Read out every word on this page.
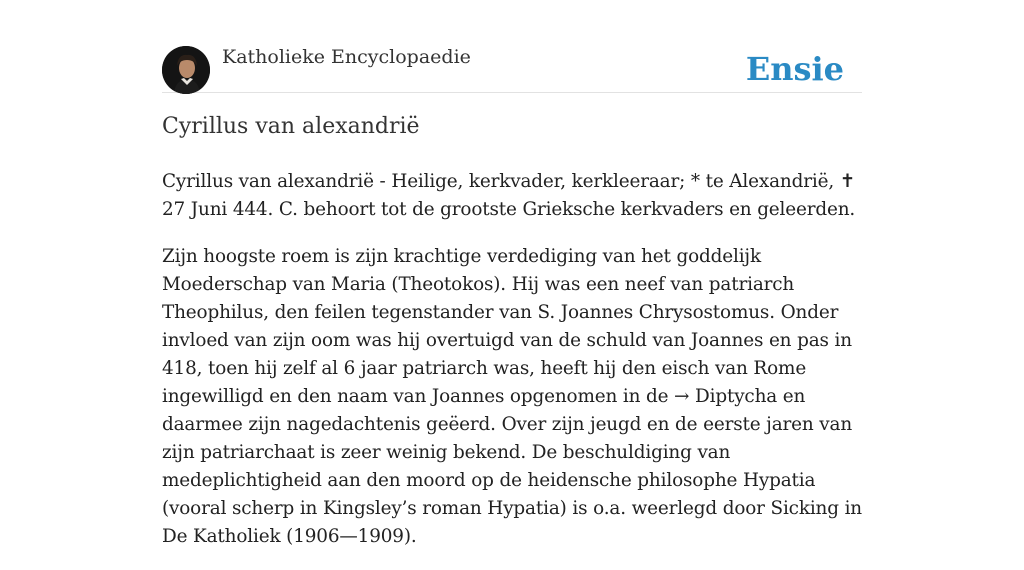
Katholieke Encyclopaedie	Ensie
Cyrillus van alexandrië

Cyrillus van alexandrië - Heilige, kerkvader, kerkleeraar; * te Alexandrië, ✝ 27 Juni 444. C. behoort tot de grootste Grieksche kerkvaders en geleerden.

Zijn hoogste roem is zijn krachtige verdediging van het goddelijk Moederschap van Maria (Theotokos). Hij was een neef van patriarch Theophilus, den feilen tegenstander van S. Joannes Chrysostomus. Onder invloed van zijn oom was hij overtuigd van de schuld van Joannes en pas in 418, toen hij zelf al 6 jaar patriarch was, heeft hij den eisch van Rome ingewilligd en den naam van Joannes opgenomen in de → Diptycha en daarmee zijn nagedachtenis geëerd. Over zijn jeugd en de eerste jaren van zijn patriarchaat is zeer weinig bekend. De beschuldiging van medeplichtigheid aan den moord op de heidensche philosophe Hypatia (vooral scherp in Kingsley’s roman Hypatia) is o.a. weerlegd door Sicking in De Katholiek (1906—1909).
